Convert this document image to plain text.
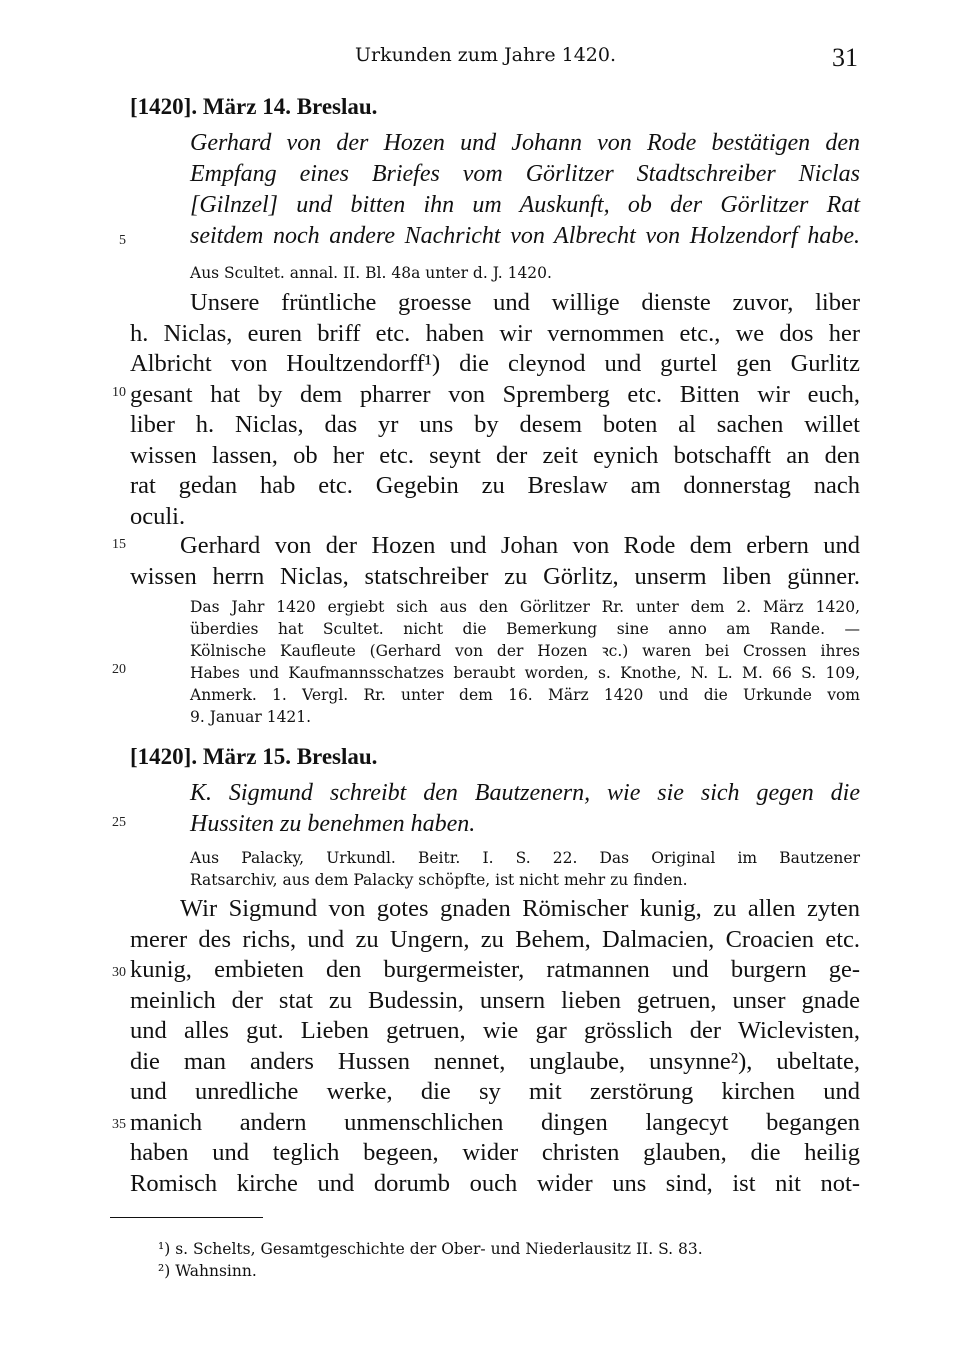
Urkunden zum Jahre 1420.	31
5
10
15
20
25
30
35
[1420]. März 14. Breslau.
Gerhard von der Hozen und Johann von Rode bestätigen den
Empfang eines Briefes vom Görlitzer Stadtschreiber Niclas
[Gilnzel] und bitten ihn um Auskunft, ob der Görlitzer Rat
seitdem noch andere Nachricht von Albrecht von Holzendorf habe.
Aus Scultet. annal. II. Bl. 48a unter d. J. 1420.
Unsere früntliche groesse und willige dienste zuvor, liber
h. Niclas, euren briff etc. haben wir vernommen etc., we dos her
Albricht von Houltzendorff¹) die cleynod und gurtel gen Gurlitz
gesant hat by dem pharrer von Spremberg etc. Bitten wir euch,
liber h. Niclas, das yr uns by desem boten al sachen willet
wissen lassen, ob her etc. seynt der zeit eynich botschafft an den
rat gedan hab etc. Gegebin zu Breslaw am donnerstag nach
oculi.
Gerhard von der Hozen und Johan von Rode dem erbern und
wissen herrn Niclas, statschreiber zu Görlitz, unserm liben günner.
Das Jahr 1420 ergiebt sich aus den Görlitzer Rr. unter dem 2. März 1420,
überdies hat Scultet. nicht die Bemerkung sine anno am Rande. —
Kölnische Kaufleute (Gerhard von der Hozen ꝛc.) waren bei Crossen ihres
Habes und Kaufmannsschatzes beraubt worden, s. Knothe, N. L. M. 66 S. 109,
Anmerk. 1. Vergl. Rr. unter dem 16. März 1420 und die Urkunde vom
9. Januar 1421.
[1420]. März 15. Breslau.
K. Sigmund schreibt den Bautzenern, wie sie sich gegen die
Hussiten zu benehmen haben.
Aus Palacky, Urkundl. Beitr. I. S. 22. Das Original im Bautzener
Ratsarchiv, aus dem Palacky schöpfte, ist nicht mehr zu finden.
Wir Sigmund von gotes gnaden Römischer kunig, zu allen zyten
merer des richs, und zu Ungern, zu Behem, Dalmacien, Croacien etc.
kunig, embieten den burgermeister, ratmannen und burgern ge-
meinlich der stat zu Budessin, unsern lieben getruen, unser gnade
und alles gut. Lieben getruen, wie gar grösslich der Wiclevisten,
die man anders Hussen nennet, unglaube, unsynne²), ubeltate,
und unredliche werke, die sy mit zerstörung kirchen und
manich andern unmenschlichen dingen langecyt begangen
haben und teglich begeen, wider christen glauben, die heilig
Romisch kirche und dorumb ouch wider uns sind, ist nit not-
¹) s. Schelts, Gesamtgeschichte der Ober- und Niederlausitz II. S. 83.
²) Wahnsinn.
